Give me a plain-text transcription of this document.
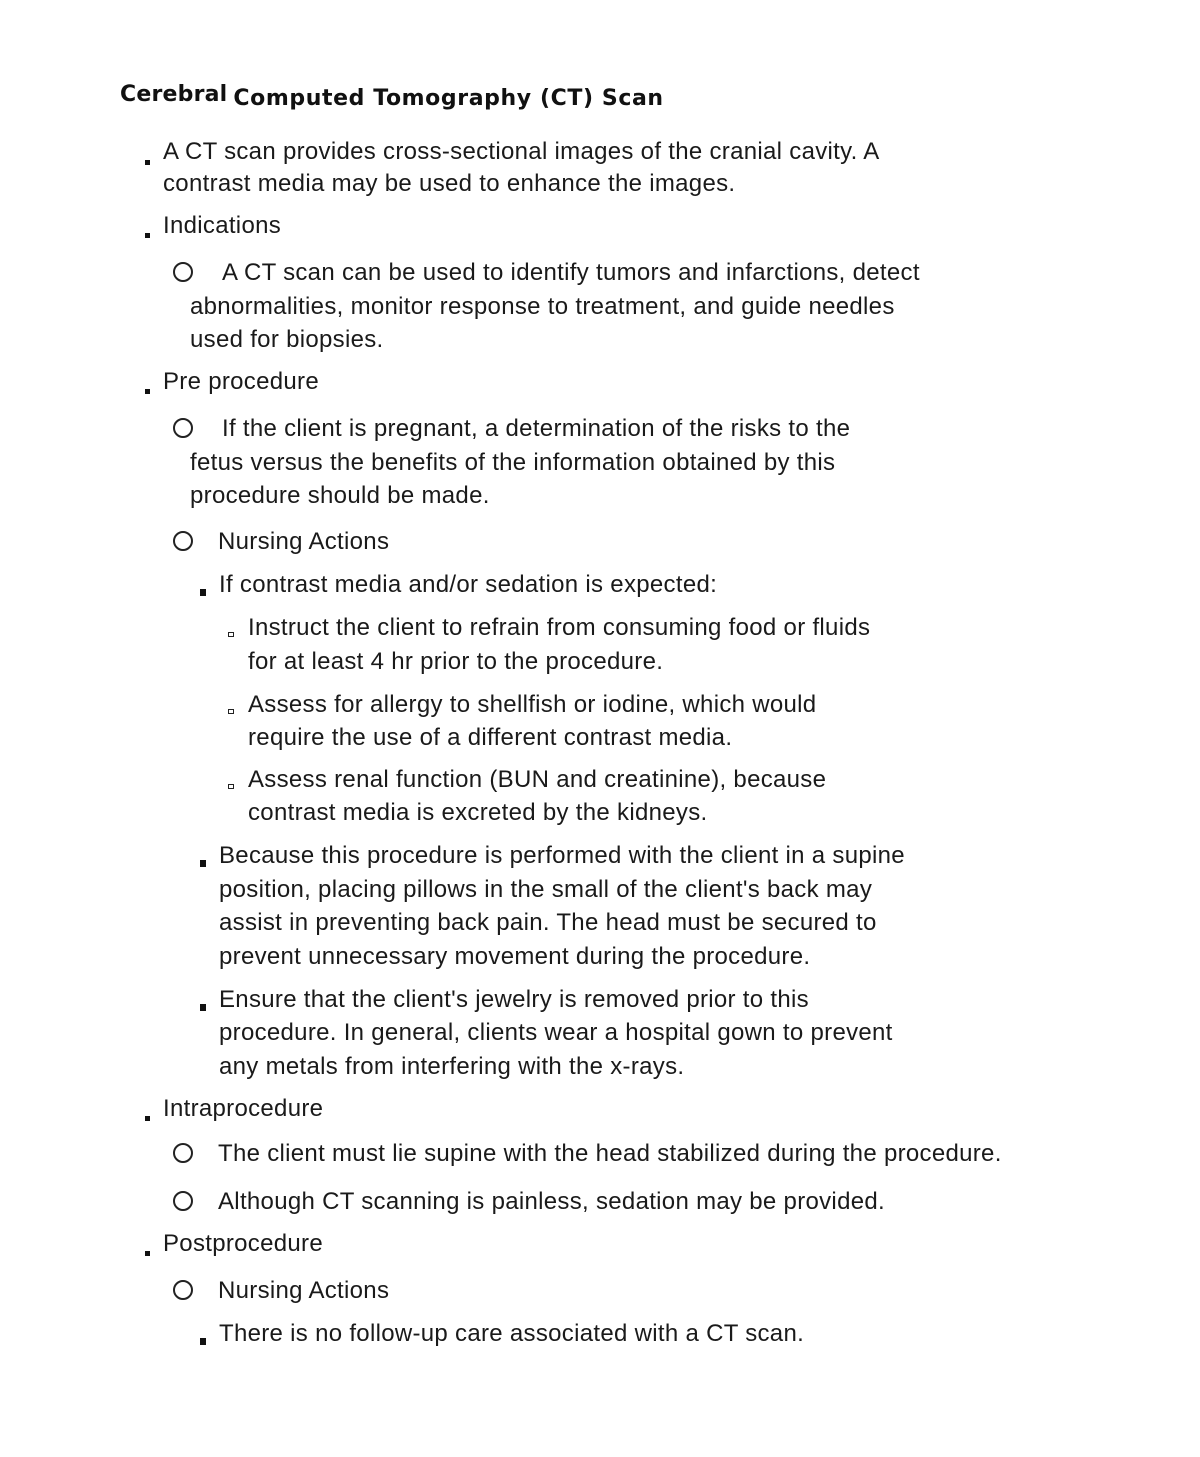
Cerebral Computed Tomography (CT) Scan
A CT scan provides cross-sectional images of the cranial cavity. A
contrast media may be used to enhance the images.
Indications
A CT scan can be used to identify tumors and infarctions, detect
abnormalities, monitor response to treatment, and guide needles
used for biopsies.
Pre procedure
If the client is pregnant, a determination of the risks to the
fetus versus the benefits of the information obtained by this
procedure should be made.
Nursing Actions
If contrast media and/or sedation is expected:
Instruct the client to refrain from consuming food or fluids
for at least 4 hr prior to the procedure.
Assess for allergy to shellfish or iodine, which would
require the use of a different contrast media.
Assess renal function (BUN and creatinine), because
contrast media is excreted by the kidneys.
Because this procedure is performed with the client in a supine
position, placing pillows in the small of the client's back may
assist in preventing back pain. The head must be secured to
prevent unnecessary movement during the procedure.
Ensure that the client's jewelry is removed prior to this
procedure. In general, clients wear a hospital gown to prevent
any metals from interfering with the x-rays.
Intraprocedure
The client must lie supine with the head stabilized during the procedure.
Although CT scanning is painless, sedation may be provided.
Postprocedure
Nursing Actions
There is no follow-up care associated with a CT scan.
